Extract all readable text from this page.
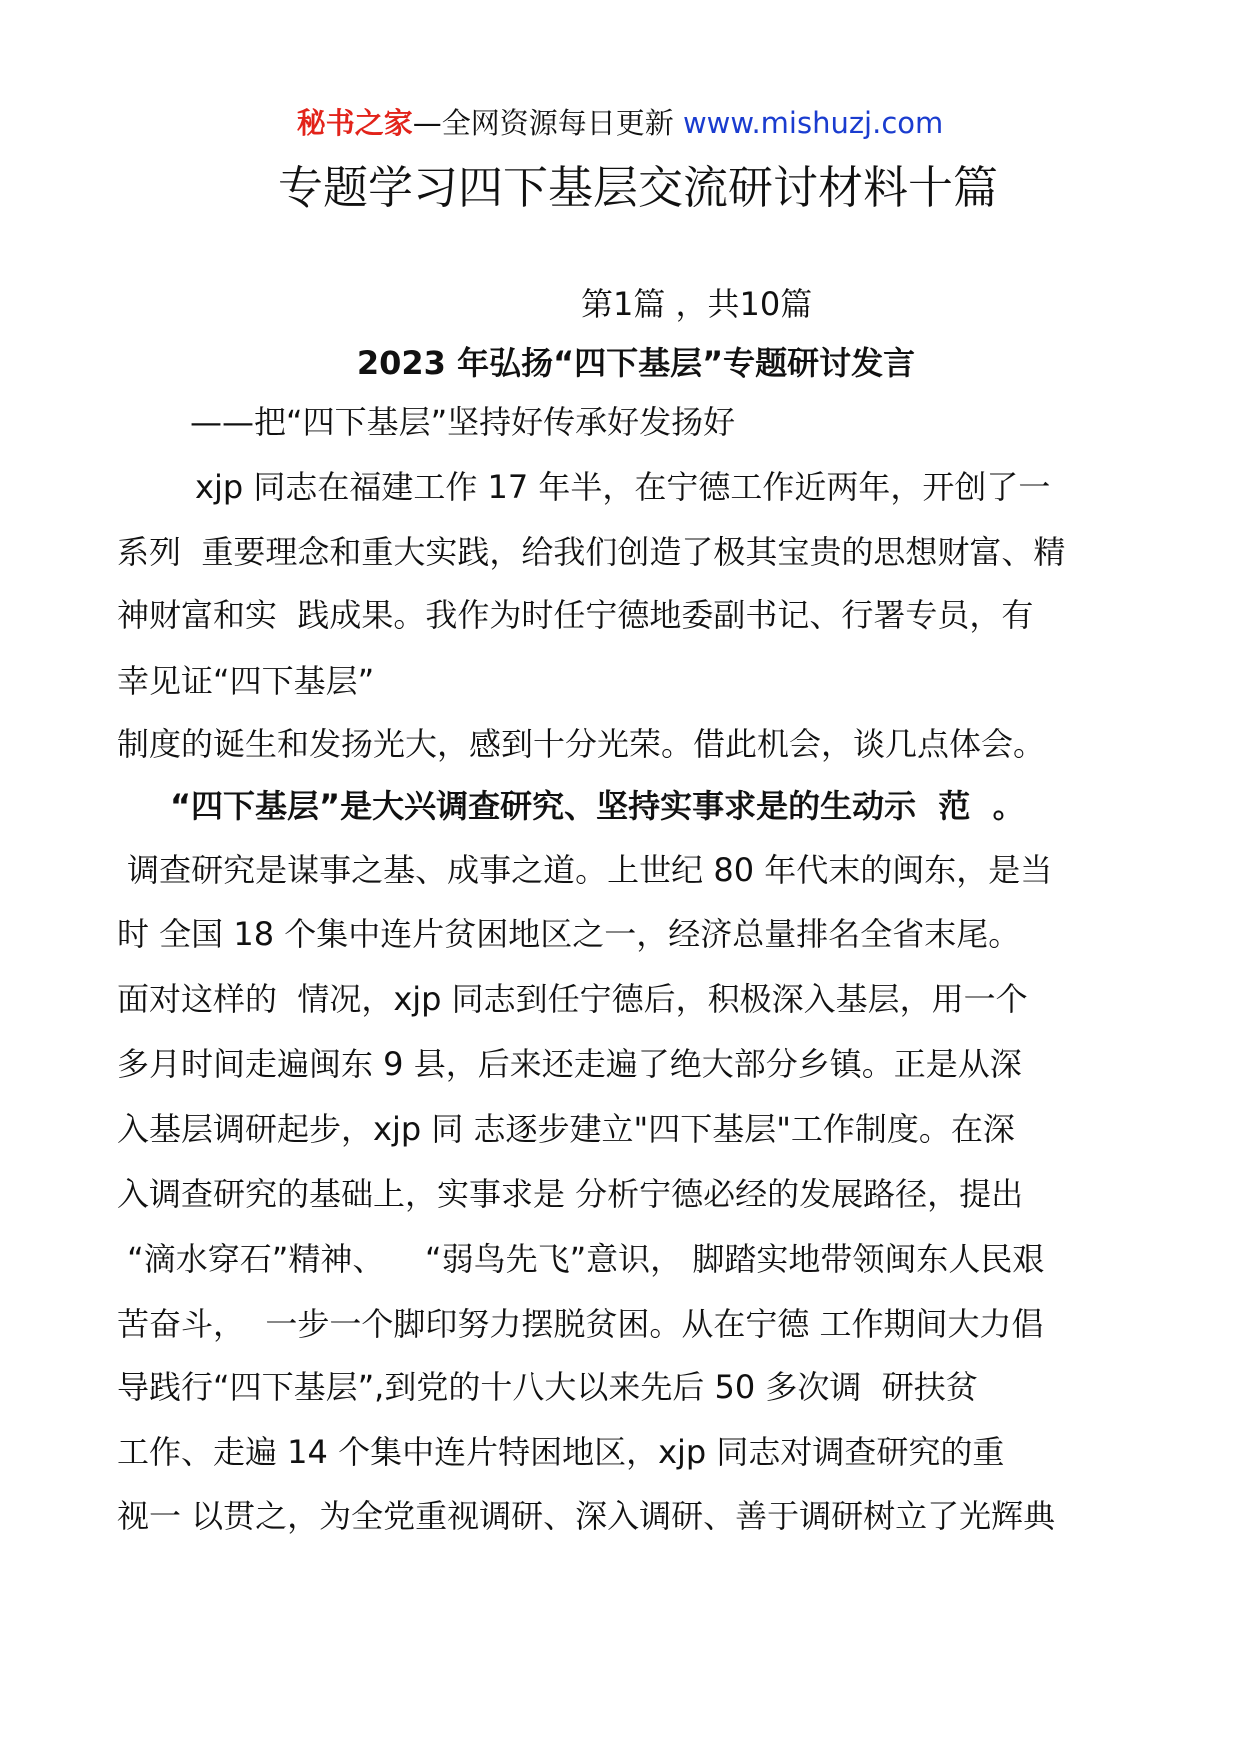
秘书之家—全网资源每日更新 www.mishuzj.com
专题学习四下基层交流研讨材料十篇
第1篇 ，共10篇
2023 年弘扬“四下基层”专题研讨发言
——把“四下基层”坚持好传承好发扬好
xjp 同志在福建工作 17 年半，在宁德工作近两年，开创了一
系列  重要理念和重大实践，给我们创造了极其宝贵的思想财富、精
神财富和实  践成果。我作为时任宁德地委副书记、行署专员，有
幸见证“四下基层”
制度的诞生和发扬光大，感到十分光荣。借此机会，谈几点体会。
“四下基层”是大兴调查研究、坚持实事求是的生动示  范  。
调查研究是谋事之基、成事之道。上世纪 80 年代末的闽东，是当
时 全国 18 个集中连片贫困地区之一，经济总量排名全省末尾。
面对这样的  情况，xjp 同志到任宁德后，积极深入基层，用一个
多月时间走遍闽东 9 县，后来还走遍了绝大部分乡镇。正是从深
入基层调研起步，xjp 同 志逐步建立"四下基层"工作制度。在深
入调查研究的基础上，实事求是 分析宁德必经的发展路径，提出
“滴水穿石”精神、    “弱鸟先飞”意识， 脚踏实地带领闽东人民艰
苦奋斗，  一步一个脚印努力摆脱贫困。从在宁德 工作期间大力倡
导践行“四下基层”,到党的十八大以来先后 50 多次调  研扶贫
工作、走遍 14 个集中连片特困地区，xjp 同志对调查研究的重
视一 以贯之，为全党重视调研、深入调研、善于调研树立了光辉典
